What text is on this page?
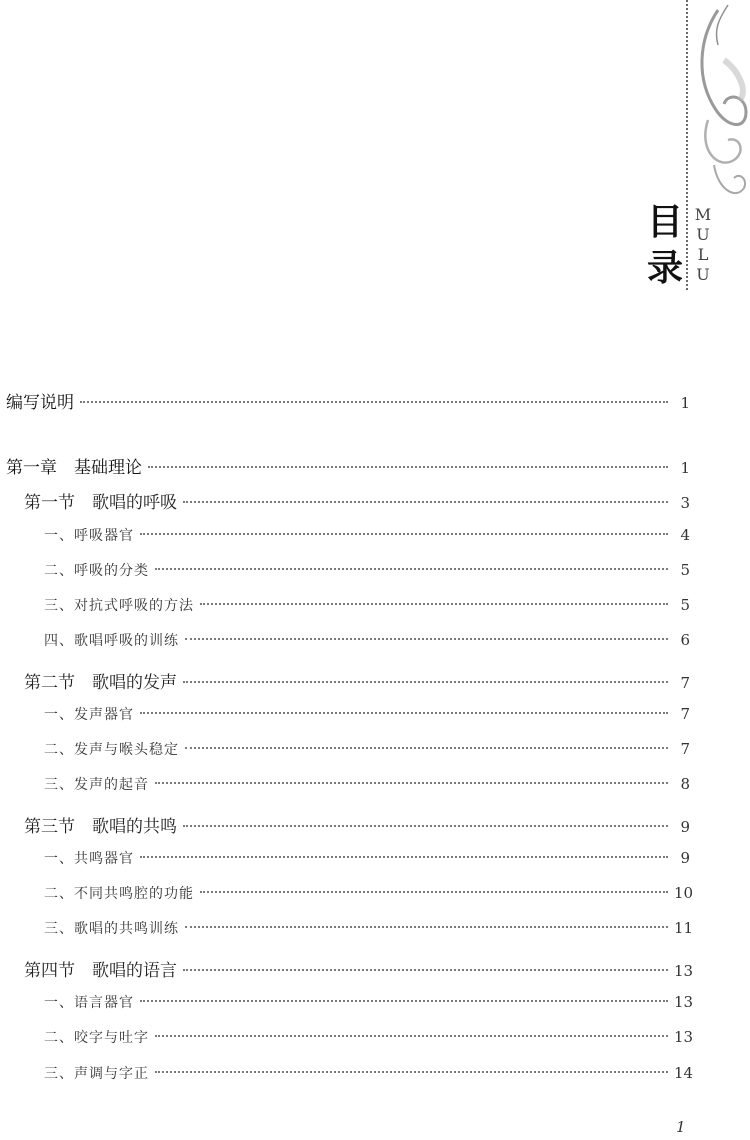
目
录
M
U
L
U
编写说明	1
第一章　基础理论	1
第一节　歌唱的呼吸	3
一、呼吸器官	4
二、呼吸的分类	5
三、对抗式呼吸的方法	5
四、歌唱呼吸的训练	6
第二节　歌唱的发声	7
一、发声器官	7
二、发声与喉头稳定	7
三、发声的起音	8
第三节　歌唱的共鸣	9
一、共鸣器官	9
二、不同共鸣腔的功能	10
三、歌唱的共鸣训练	11
第四节　歌唱的语言	13
一、语言器官	13
二、咬字与吐字	13
三、声调与字正	14
1
